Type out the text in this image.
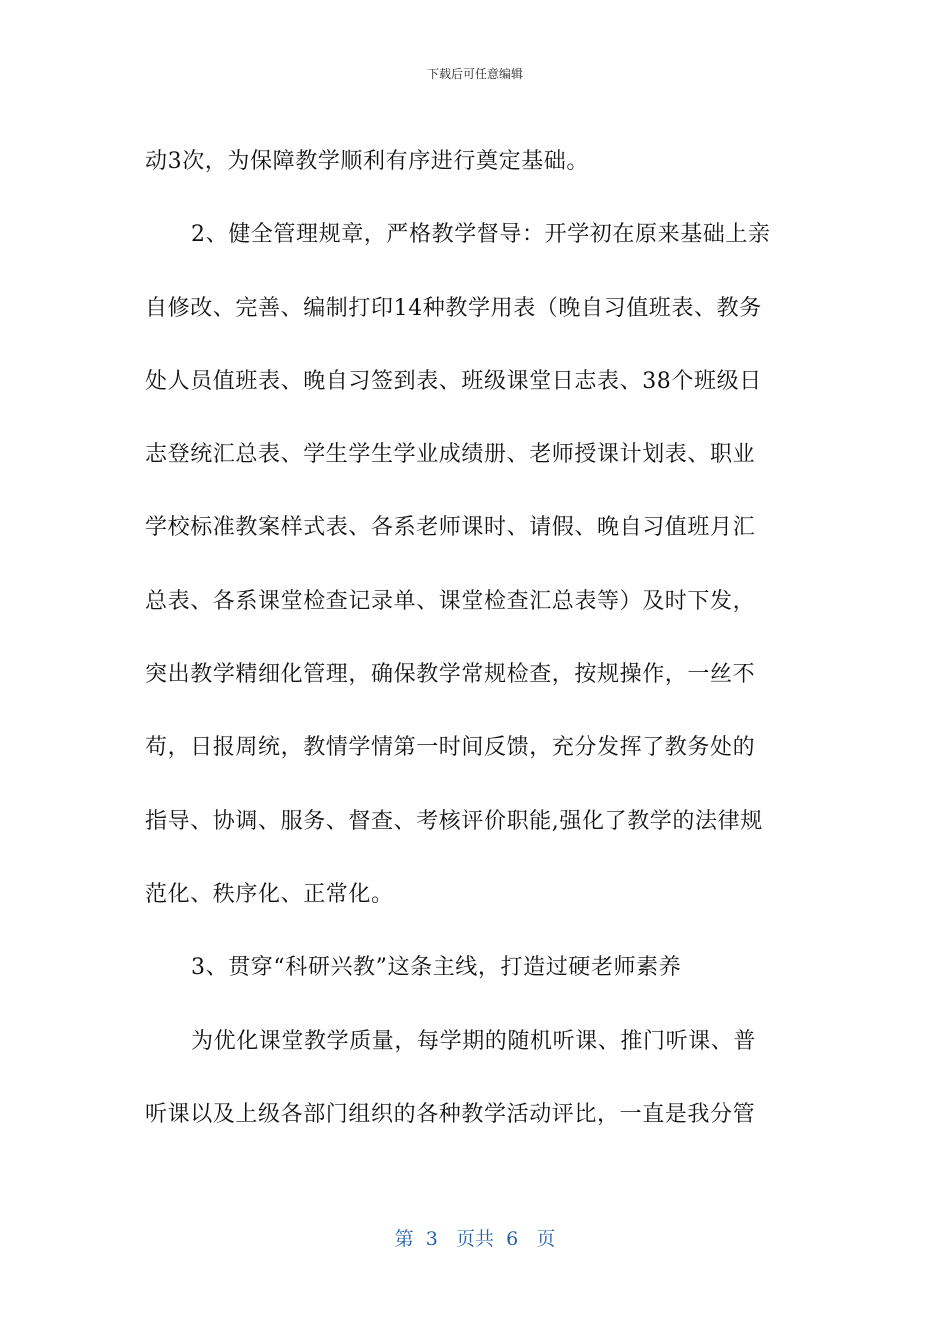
下载后可任意编辑
动3次，为保障教学顺利有序进行奠定基础。
2、健全管理规章，严格教学督导：开学初在原来基础上亲
自修改、完善、编制打印14种教学用表（晚自习值班表、教务
处人员值班表、晚自习签到表、班级课堂日志表、38个班级日
志登统汇总表、学生学生学业成绩册、老师授课计划表、职业
学校标准教案样式表、各系老师课时、请假、晚自习值班月汇
总表、各系课堂检查记录单、课堂检查汇总表等）及时下发，
突出教学精细化管理，确保教学常规检查，按规操作，一丝不
苟，日报周统，教情学情第一时间反馈，充分发挥了教务处的
指导、协调、服务、督查、考核评价职能,强化了教学的法律规
范化、秩序化、正常化。
3、贯穿“科研兴教”这条主线，打造过硬老师素养
为优化课堂教学质量，每学期的随机听课、推门听课、普
听课以及上级各部门组织的各种教学活动评比，一直是我分管
第 3 页共 6 页
